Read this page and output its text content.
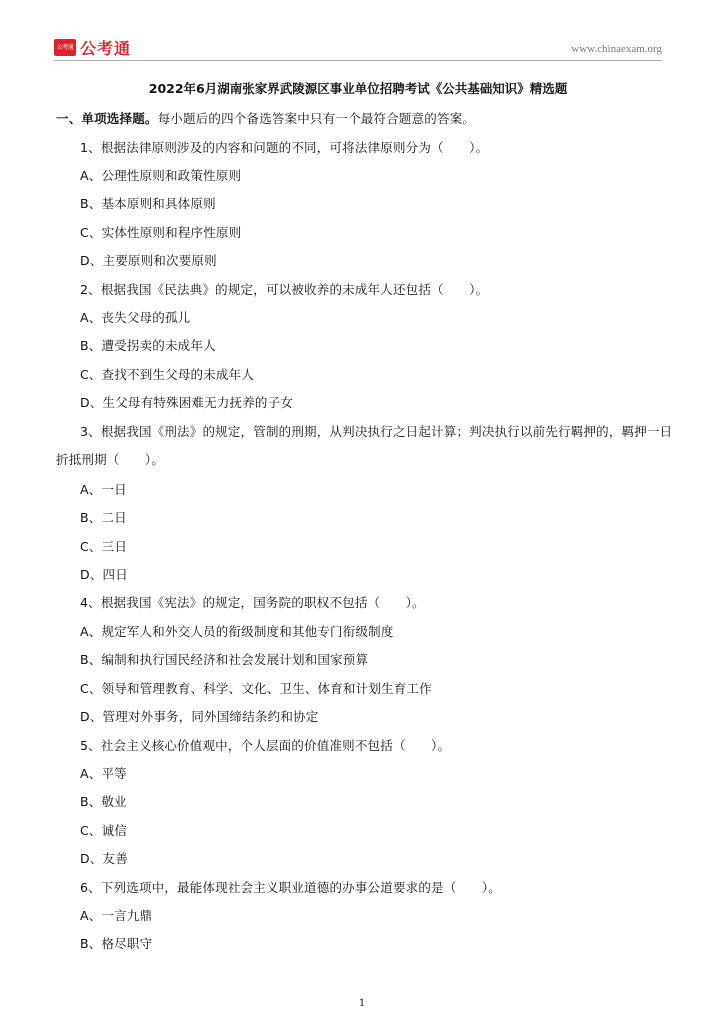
公考通 公考通	www.chinaexam.org
2022年6月湖南张家界武陵源区事业单位招聘考试《公共基础知识》精选题
一、单项选择题。每小题后的四个备选答案中只有一个最符合题意的答案。
1、根据法律原则涉及的内容和问题的不同，可将法律原则分为（　　）。
A、公理性原则和政策性原则
B、基本原则和具体原则
C、实体性原则和程序性原则
D、主要原则和次要原则
2、根据我国《民法典》的规定，可以被收养的未成年人还包括（　　）。
A、丧失父母的孤儿
B、遭受拐卖的未成年人
C、查找不到生父母的未成年人
D、生父母有特殊困难无力抚养的子女
3、根据我国《刑法》的规定，管制的刑期，从判决执行之日起计算；判决执行以前先行羁押的，羁押一日
折抵刑期（　　）。
A、一日
B、二日
C、三日
D、四日
4、根据我国《宪法》的规定，国务院的职权不包括（　　）。
A、规定军人和外交人员的衔级制度和其他专门衔级制度
B、编制和执行国民经济和社会发展计划和国家预算
C、领导和管理教育、科学、文化、卫生、体育和计划生育工作
D、管理对外事务，同外国缔结条约和协定
5、社会主义核心价值观中，个人层面的价值准则不包括（　　）。
A、平等
B、敬业
C、诚信
D、友善
6、下列选项中，最能体现社会主义职业道德的办事公道要求的是（　　）。
A、一言九鼎
B、格尽职守
1
